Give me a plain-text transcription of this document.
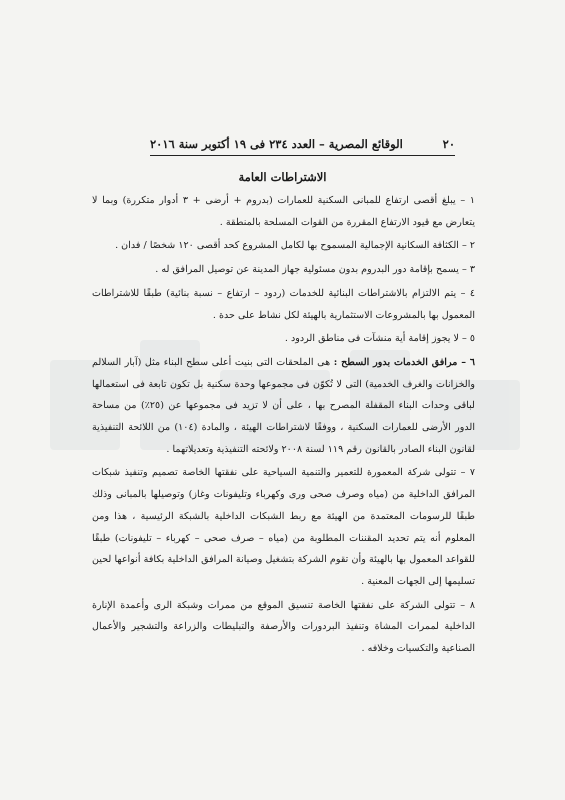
٢٠
الوقائع المصرية – العدد ٢٣٤ فى ١٩ أكتوبر سنة ٢٠١٦
الاشتراطات العامة

١ – يبلغ أقصى ارتفاع للمبانى السكنية للعمارات (بدروم + أرضى + ٣ أدوار متكررة) وبما لا يتعارض مع قيود الارتفاع المقررة من القوات المسلحة بالمنطقة .

٢ – الكثافة السكانية الإجمالية المسموح بها لكامل المشروع كحد أقصى ١٢٠ شخصًا / فدان .

٣ – يسمح بإقامة دور البدروم بدون مسئولية جهاز المدينة عن توصيل المرافق له .

٤ – يتم الالتزام بالاشتراطات البنائية للخدمات (ردود – ارتفاع – نسبة بنائية) طبقًا للاشتراطات المعمول بها بالمشروعات الاستثمارية بالهيئة لكل نشاط على حدة .

٥ – لا يجوز إقامة أية منشآت فى مناطق الردود .

٦ – مرافق الخدمات بدور السطح : هى الملحقات التى بنيت أعلى سطح البناء مثل (آبار السلالم والخزانات والغرف الخدمية) التى لا تُكوّن فى مجموعها وحدة سكنية بل تكون تابعة فى استعمالها لباقى وحدات البناء المقفلة المصرح بها ، على أن لا تزيد فى مجموعها عن (٢٥٪) من مساحة الدور الأرضى للعمارات السكنية ، ووفقًا لاشتراطات الهيئة ، والمادة (١٠٤) من اللائحة التنفيذية لقانون البناء الصادر بالقانون رقم ١١٩ لسنة ٢٠٠٨ ولائحته التنفيذية وتعديلاتهما .

٧ – تتولى شركة المعمورة للتعمير والتنمية السياحية على نفقتها الخاصة تصميم وتنفيذ شبكات المرافق الداخلية من (مياه وصرف صحى ورى وكهرباء وتليفونات وغاز) وتوصيلها بالمبانى وذلك طبقًا للرسومات المعتمدة من الهيئة مع ربط الشبكات الداخلية بالشبكة الرئيسية ، هذا ومن المعلوم أنه يتم تحديد المقننات المطلوبة من (مياه – صرف صحى – كهرباء – تليفونات) طبقًا للقواعد المعمول بها بالهيئة وأن تقوم الشركة بتشغيل وصيانة المرافق الداخلية بكافة أنواعها لحين تسليمها إلى الجهات المعنية .

٨ – تتولى الشركة على نفقتها الخاصة تنسيق الموقع من ممرات وشبكة الرى وأعمدة الإنارة الداخلية لممرات المشاة وتنفيذ البردورات والأرصفة والتبليطات والزراعة والتشجير والأعمال الصناعية والتكسيات وخلافه .
